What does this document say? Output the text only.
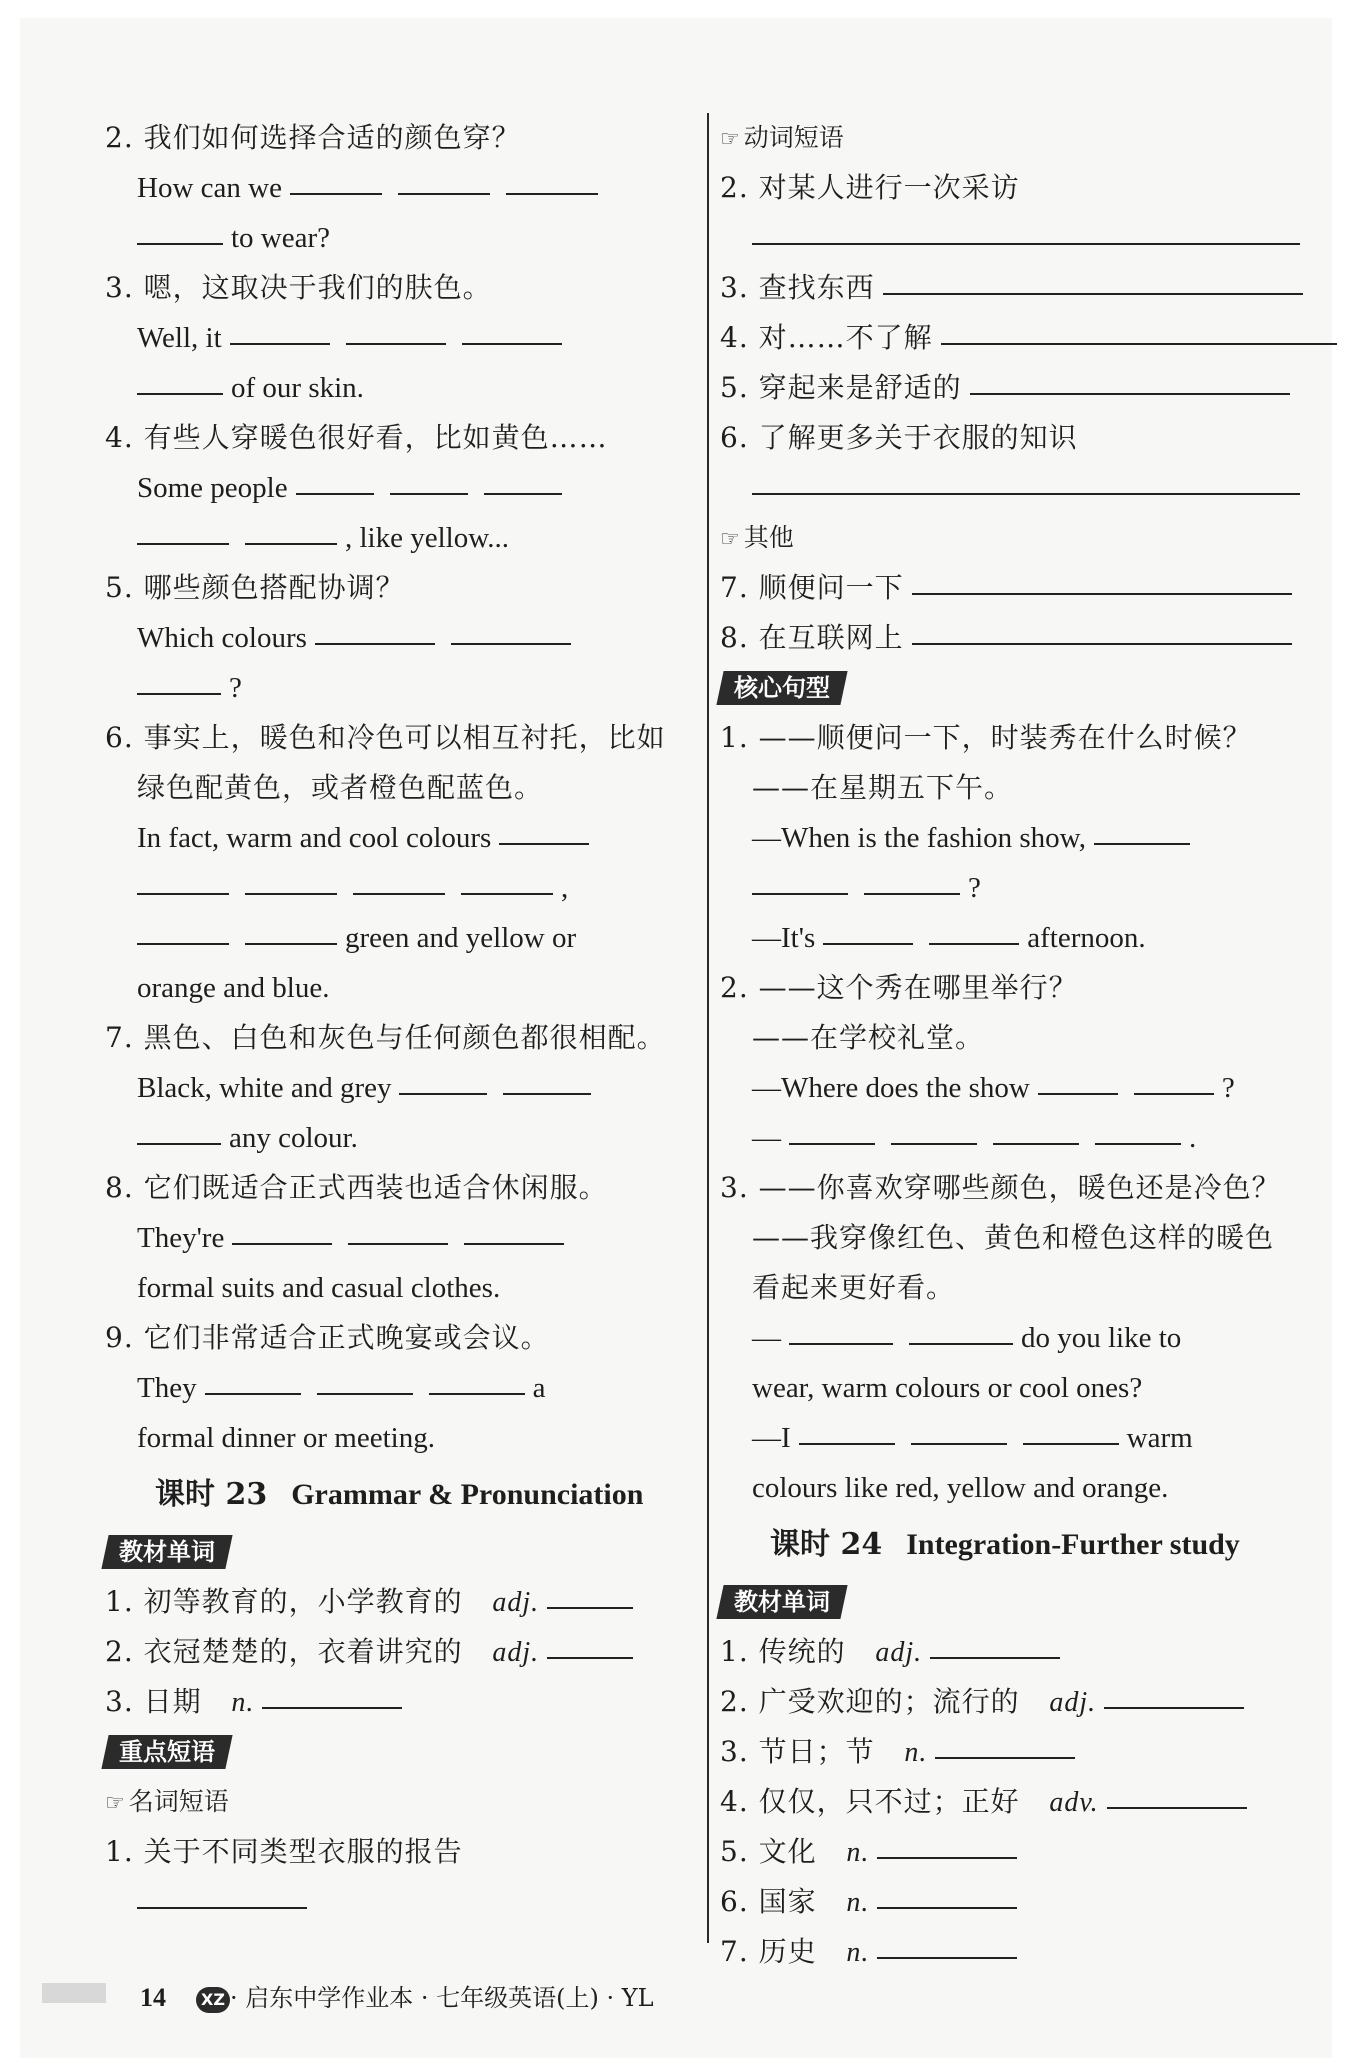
2. 我们如何选择合适的颜色穿？
How can we
to wear?
3. 嗯，这取决于我们的肤色。
Well, it
of our skin.
4. 有些人穿暖色很好看，比如黄色……
Some people
, like yellow...
5. 哪些颜色搭配协调？
Which colours
?
6. 事实上，暖色和冷色可以相互衬托，比如
绿色配黄色，或者橙色配蓝色。
In fact, warm and cool colours
,
green and yellow or
orange and blue.
7. 黑色、白色和灰色与任何颜色都很相配。
Black, white and grey
any colour.
8. 它们既适合正式西装也适合休闲服。
They're
formal suits and casual clothes.
9. 它们非常适合正式晚宴或会议。
They	a
formal dinner or meeting.
课时 23 Grammar & Pronunciation
教材单词
1. 初等教育的，小学教育的 adj.
2. 衣冠楚楚的，衣着讲究的 adj.
3. 日期 n.
重点短语
☞ 名词短语
1. 关于不同类型衣服的报告
☞ 动词短语
2. 对某人进行一次采访
3. 查找东西
4. 对……不了解
5. 穿起来是舒适的
6. 了解更多关于衣服的知识
☞ 其他
7. 顺便问一下
8. 在互联网上
核心句型
1. ——顺便问一下，时装秀在什么时候？
——在星期五下午。
—When is the fashion show,
?
—It's	afternoon.
2. ——这个秀在哪里举行？
——在学校礼堂。
—Where does the show	?
—	.
3. ——你喜欢穿哪些颜色，暖色还是冷色？
——我穿像红色、黄色和橙色这样的暖色
看起来更好看。
—	do you like to
wear, warm colours or cool ones?
—I	warm
colours like red, yellow and orange.
课时 24 Integration-Further study
教材单词
1. 传统的 adj.
2. 广受欢迎的；流行的 adj.
3. 节日；节 n.
4. 仅仅，只不过；正好 adv.
5. 文化 n.
6. 国家 n.
7. 历史 n.
14 XZ · 启东中学作业本 · 七年级英语(上) · YL
